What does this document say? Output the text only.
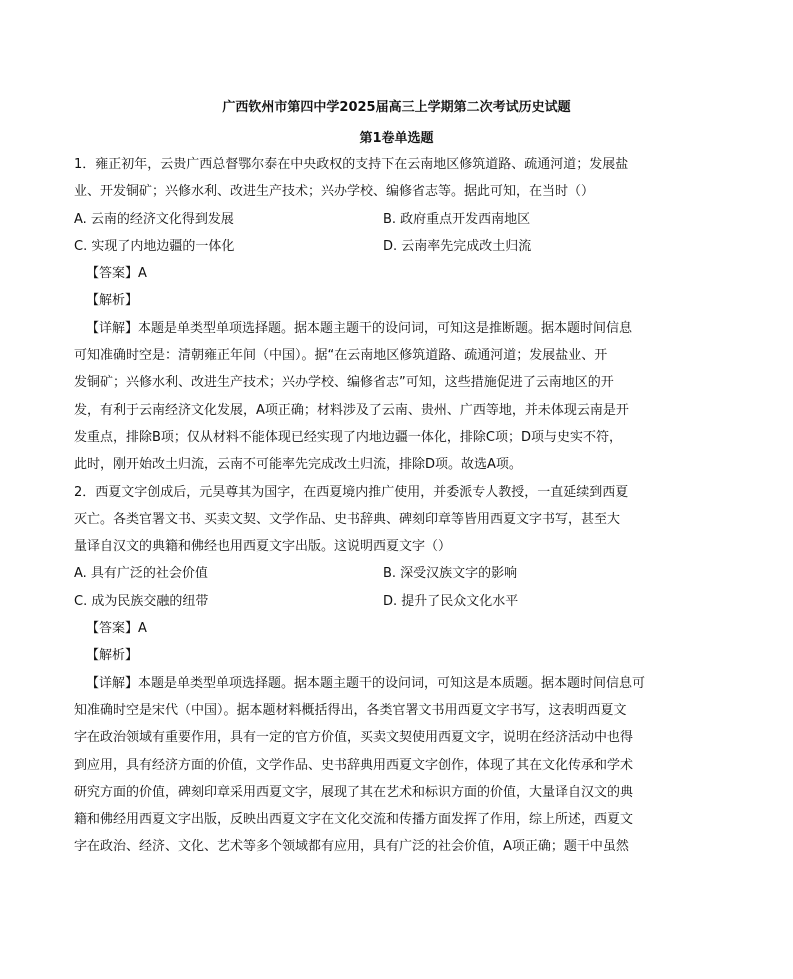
广西钦州市第四中学2025届高三上学期第二次考试历史试题
第1卷单选题

1．雍正初年，云贵广西总督鄂尔泰在中央政权的支持下在云南地区修筑道路、疏通河道；发展盐

业、开发铜矿；兴修水利、改进生产技术；兴办学校、编修省志等。据此可知，在当时（）

A. 云南的经济文化得到发展	B. 政府重点开发西南地区
C. 实现了内地边疆的一体化	D. 云南率先完成改土归流

【答案】A

【解析】

【详解】本题是单类型单项选择题。据本题主题干的设问词，可知这是推断题。据本题时间信息

可知准确时空是：清朝雍正年间（中国）。据“在云南地区修筑道路、疏通河道；发展盐业、开

发铜矿；兴修水利、改进生产技术；兴办学校、编修省志”可知，这些措施促进了云南地区的开

发，有利于云南经济文化发展，A项正确；材料涉及了云南、贵州、广西等地，并未体现云南是开

发重点，排除B项；仅从材料不能体现已经实现了内地边疆一体化，排除C项；D项与史实不符，

此时，刚开始改土归流，云南不可能率先完成改土归流，排除D项。故选A项。

2．西夏文字创成后，元昊尊其为国字，在西夏境内推广使用，并委派专人教授，一直延续到西夏

灭亡。各类官署文书、买卖文契、文学作品、史书辞典、碑刻印章等皆用西夏文字书写，甚至大

量译自汉文的典籍和佛经也用西夏文字出版。这说明西夏文字（）

A. 具有广泛的社会价值	B. 深受汉族文字的影响
C. 成为民族交融的纽带	D. 提升了民众文化水平

【答案】A

【解析】

【详解】本题是单类型单项选择题。据本题主题干的设问词，可知这是本质题。据本题时间信息可

知准确时空是宋代（中国）。据本题材料概括得出，各类官署文书用西夏文字书写，这表明西夏文

字在政治领域有重要作用，具有一定的官方价值，买卖文契使用西夏文字，说明在经济活动中也得

到应用，具有经济方面的价值，文学作品、史书辞典用西夏文字创作，体现了其在文化传承和学术

研究方面的价值，碑刻印章采用西夏文字，展现了其在艺术和标识方面的价值，大量译自汉文的典

籍和佛经用西夏文字出版，反映出西夏文字在文化交流和传播方面发挥了作用，综上所述，西夏文

字在政治、经济、文化、艺术等多个领域都有应用，具有广泛的社会价值，A项正确；题干中虽然
